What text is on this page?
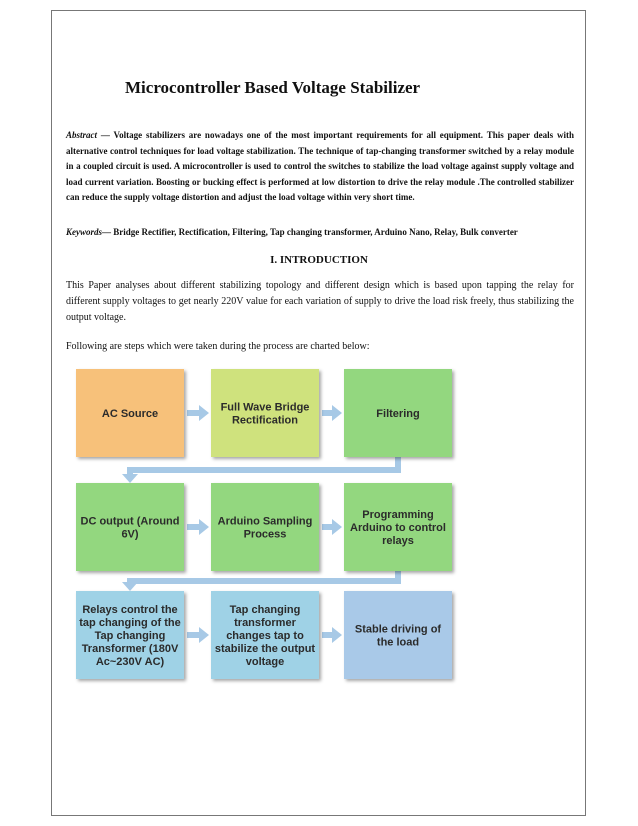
Microcontroller Based Voltage Stabilizer

Abstract — Voltage stabilizers are nowadays one of the most important requirements for all equipment. This paper deals with alternative control techniques for load voltage stabilization. The technique of tap-changing transformer switched by a relay module in a coupled circuit is used. A microcontroller is used to control the switches to stabilize the load voltage against supply voltage and load current variation. Boosting or bucking effect is performed at low distortion to drive the relay module .The controlled stabilizer can reduce the supply voltage distortion and adjust the load voltage within very short time.

Keywords— Bridge Rectifier, Rectification, Filtering, Tap changing transformer, Arduino Nano, Relay, Bulk converter

I. INTRODUCTION

This Paper analyses about different stabilizing topology and different design which is based upon tapping the relay for different supply voltages to get nearly 220V value for each variation of supply to drive the load risk freely, thus stabilizing the output voltage.

Following are steps which were taken during the process are charted below:

AC Source
Full Wave Bridge
Rectification
Filtering
DC output (Around
6V)
Arduino Sampling
Process
Programming
Arduino to control
relays
Relays control the
tap changing of the
Tap changing
Transformer (180V
Ac~230V AC)
Tap changing
transformer
changes tap to
stabilize the output
voltage
Stable driving of
the load
